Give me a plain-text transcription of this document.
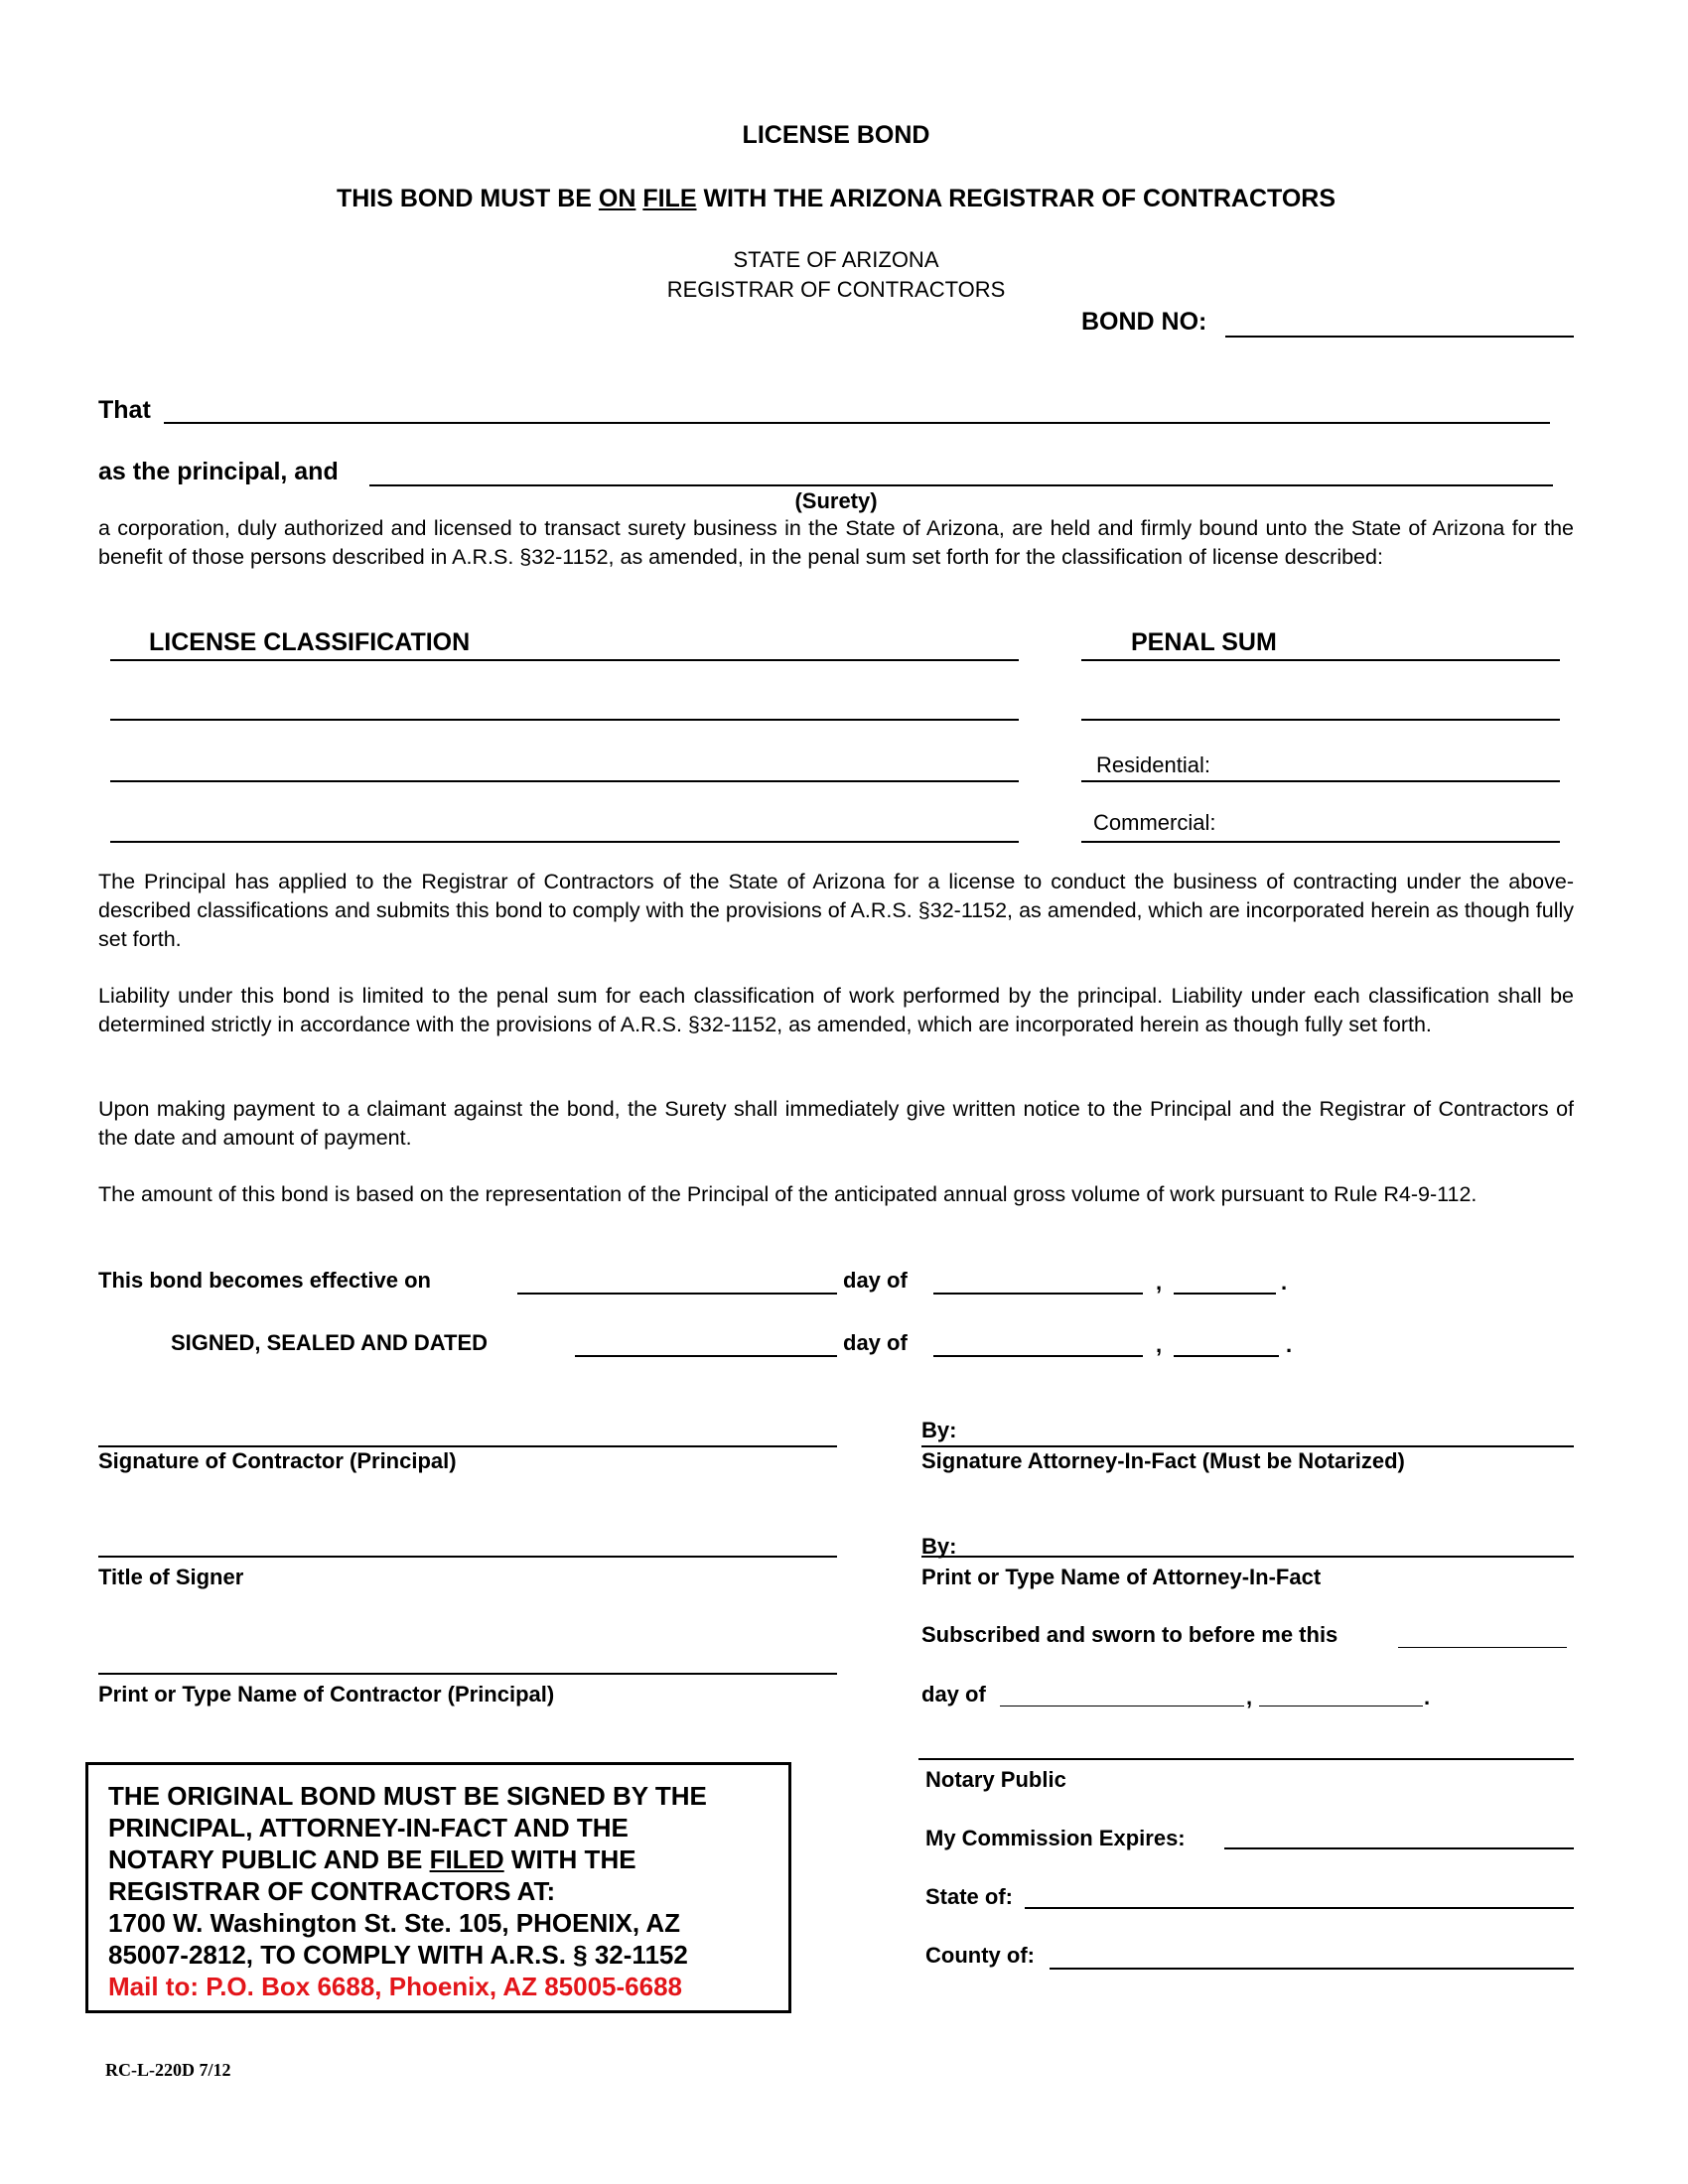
LICENSE BOND
THIS BOND MUST BE ON FILE WITH THE ARIZONA REGISTRAR OF CONTRACTORS
STATE OF ARIZONA
REGISTRAR OF CONTRACTORS
BOND NO:
That
as the principal, and
(Surety)
a corporation, duly authorized and licensed to transact surety business in the State of Arizona, are held and firmly bound unto the State of Arizona for the benefit of those persons described in A.R.S. §32-1152, as amended, in the penal sum set forth for the classification of license described:
LICENSE CLASSIFICATION	PENAL SUM
Residential:
Commercial:
The Principal has applied to the Registrar of Contractors of the State of Arizona for a license to conduct the business of contracting under the above-described classifications and submits this bond to comply with the provisions of A.R.S. §32-1152, as amended, which are incorporated herein as though fully set forth.
Liability under this bond is limited to the penal sum for each classification of work performed by the principal. Liability under each classification shall be determined strictly in accordance with the provisions of A.R.S. §32-1152, as amended, which are incorporated herein as though fully set forth.
Upon making payment to a claimant against the bond, the Surety shall immediately give written notice to the Principal and the Registrar of Contractors of the date and amount of payment.
The amount of this bond is based on the representation of the Principal of the anticipated annual gross volume of work pursuant to Rule R4-9-112.
This bond becomes effective on	day of	,	.
SIGNED, SEALED AND DATED	day of	,	.
Signature of Contractor (Principal)
Title of Signer
Print or Type Name of Contractor (Principal)
By:
Signature Attorney-In-Fact (Must be Notarized)
By:
Print or Type Name of Attorney-In-Fact
Subscribed and sworn to before me this
day of	,	.
Notary Public
My Commission Expires:
State of:
County of:
THE ORIGINAL BOND MUST BE SIGNED BY THE
PRINCIPAL, ATTORNEY-IN-FACT AND THE
NOTARY PUBLIC AND BE FILED WITH THE
REGISTRAR OF CONTRACTORS AT:
1700 W. Washington St. Ste. 105, PHOENIX, AZ
85007-2812, TO COMPLY WITH A.R.S. § 32-1152
Mail to: P.O. Box 6688, Phoenix, AZ 85005-6688
RC-L-220D 7/12
